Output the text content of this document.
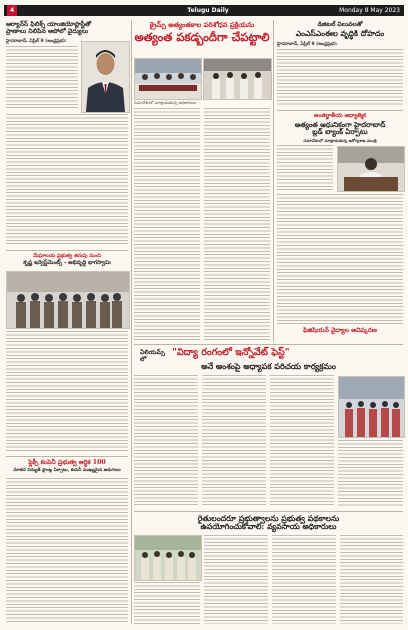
4	Telugu Daily	Monday 8 May 2023
ఆర్యాన్‌స్ ఫిలిక్స్ యాంజియోప్లాస్టీతో
ప్రాణాలు నిలిపిన ఆపోలో వైద్యులు
హైదరాబాద్, ఏప్రిల్ 9 (ఆంధ్రప్రభ):
మేఘాలయ ప్రభుత్వ తరుపు నుంచి
కృష్ణ ఇన్వెస్ట్‌మెంట్స్ - అభివృద్ధి భాగస్వామి
ఫ్లెక్సీ కంపెనీ ప్రభుత్వ ఆర్థిక 100
నూతన విద్యుత్ ప్లాంట్ల ఏర్పాటు, కంపెనీ ముఖ్యమైన అడుగులు
క్రైమ్స్ అత్యంతకాల పరిశోధన ప్రక్రియను
అత్యంత పకడ్బందీగా చేపట్టాలి
సమావేశంలో మాట్లాడుతున్న అధికారులు
డిజిటల్ విలువలతో
ఎంఎస్‌ఎంఈల వృద్ధికి దోహదం
హైదరాబాద్, ఏప్రిల్ 9 (ఆంధ్రప్రభ):
అంతర్జాతీయ ఆధ్యాత్మిక
అత్యంత ఆధునికంగా హైదరాబాద్
బ్లడ్ బ్యాంక్ ఏర్పాటు
సమావేశంలో మాట్లాడుతున్న ఆరోగ్యశాఖ మంత్రి
ఫిజిషియన్ వైద్యాల ఆవిష్కరణ
ఏలియమ్స్ లో
"విద్యా రంగంలో ఇన్నోవేట్ ఫెస్ట్"
అనే అంశంపై అధ్యాపక పరిచయ కార్యక్రమం
రైతులందరూ ప్రభుత్వాలను ప్రభుత్వ పథకాలను
ఉపయోగించుకోవాలి: వ్యవసాయ అధికారులు
